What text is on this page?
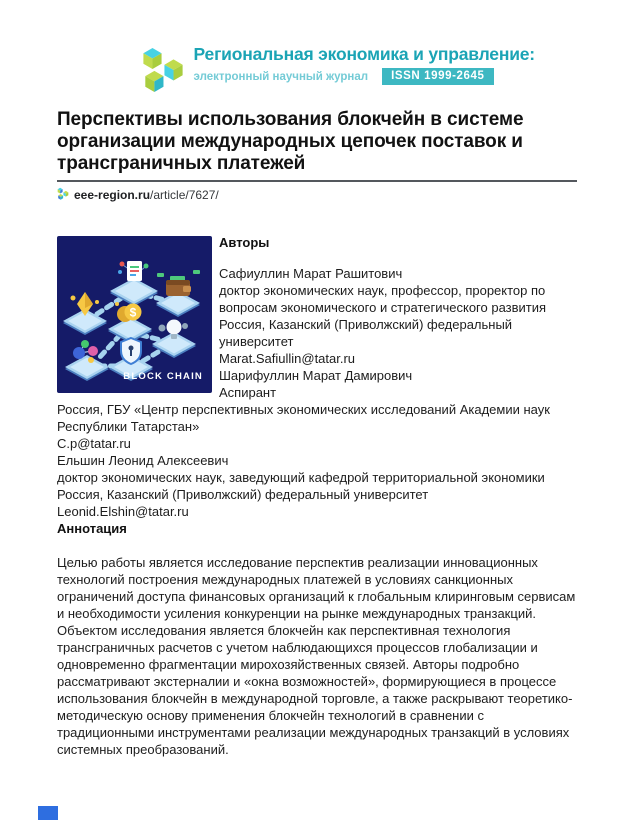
Региональная экономика и управление:
электронный научный журнал	ISSN 1999-2645
Перспективы использования блокчейн в системе организации международных цепочек поставок и трансграничных платежей
eee-region.ru/article/7627/
$
BLOCK CHAIN
Авторы
Сафиуллин Марат Рашитович
доктор экономических наук, профессор, проректор по вопросам экономического и стратегического развития
Россия, Казанский (Приволжский) федеральный университет
Marat.Safiullin@tatar.ru
Шарифуллин Марат Дамирович
Аспирант
Россия, ГБУ «Центр перспективных экономических исследований Академии наук Республики Татарстан»
C.p@tatar.ru
Ельшин Леонид Алексеевич
доктор экономических наук, заведующий кафедрой территориальной экономики
Россия, Казанский (Приволжский) федеральный университет
Leonid.Elshin@tatar.ru
Аннотация

Целью работы является исследование перспектив реализации инновационных технологий построения международных платежей в условиях санкционных ограничений доступа финансовых организаций к глобальным клиринговым сервисам и необходимости усиления конкуренции на рынке международных транзакций. Объектом исследования является блокчейн как перспективная технология трансграничных расчетов с учетом наблюдающихся процессов глобализации и одновременно фрагментации мирохозяйственных связей. Авторы подробно рассматривают экстерналии и «окна возможностей», формирующиеся в процессе использования блокчейн в международной торговле, а также раскрывают теоретико-методическую основу применения блокчейн технологий в сравнении с традиционными инструментами реализации международных транзакций в условиях системных преобразований.
